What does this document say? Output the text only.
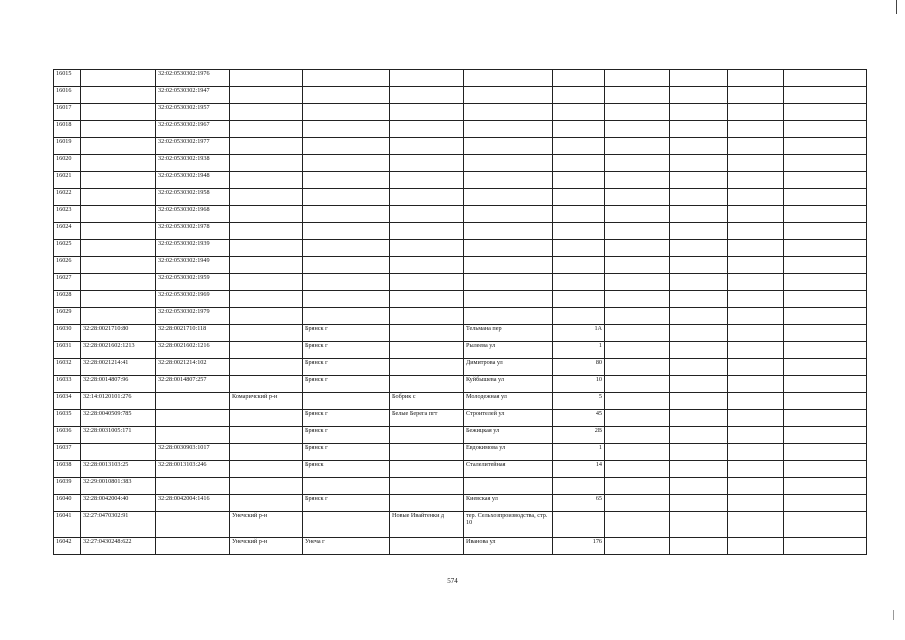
16015		32:02:0530302:1976									
16016		32:02:0530302:1947									
16017		32:02:0530302:1957									
16018		32:02:0530302:1967									
16019		32:02:0530302:1977									
16020		32:02:0530302:1938									
16021		32:02:0530302:1948									
16022		32:02:0530302:1958									
16023		32:02:0530302:1968									
16024		32:02:0530302:1978									
16025		32:02:0530302:1939									
16026		32:02:0530302:1949									
16027		32:02:0530302:1959									
16028		32:02:0530302:1969									
16029		32:02:0530302:1979									
16030	32:28:0021710:80	32:28:0021710:118		Брянск г		Тельмана пер	1А				
16031	32:28:0021602:1213	32:28:0021602:1216		Брянск г		Рылеева ул	1				
16032	32:28:0021214:41	32:28:0021214:102		Брянск г		Димитрова ул	80				
16033	32:28:0014807:96	32:28:0014807:257		Брянск г		Куйбышева ул	10				
16034	32:14:0120101:276		Комаричский р-н		Бобрик с	Молодежная ул	5				
16035	32:28:0040509:785			Брянск г	Белые Берега пгт	Строителей ул	45				
16036	32:28:0031005:171			Брянск г		Бежицкая ул	2В				
16037		32:28:0030903:1017		Брянск г		Евдокимова ул	1				
16038	32:28:0013103:25	32:28:0013103:246		Брянск		Сталелитейная	14				
16039	32:29:0010801:383										
16040	32:28:0042004:40	32:28:0042004:1416		Брянск г		Киевская ул	65				
16041	32:27:0470302:91		Унечский р-н		Новые Ивайтенки д	тер. Сельхозпроизводства, стр. 10					
16042	32:27:0430248:622		Унечский р-н	Унеча г		Иванова ул	176				
574
